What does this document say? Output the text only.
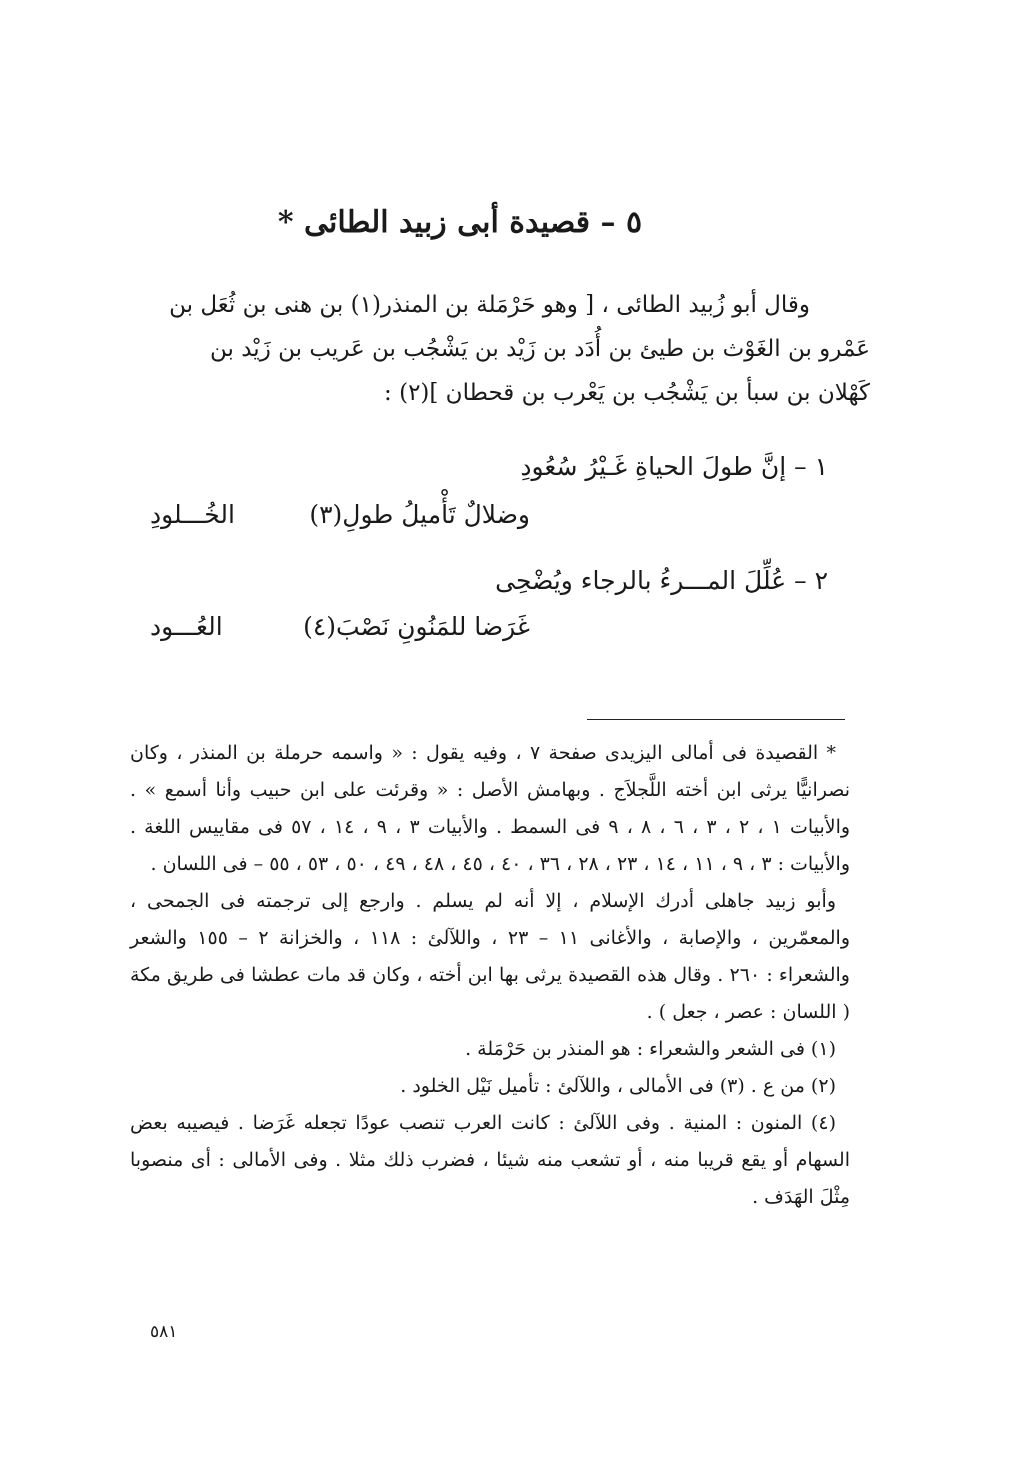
٥ – قصيدة أبى زبيد الطائى *
وقال أبو زُبيد الطائى ، [ وهو حَرْمَلة بن المنذر(١) بن هنى بن ثُعَل بن
عَمْرو بن الغَوْث بن طيئ بن أُدَد بن زَيْد بن يَشْجُب بن عَريب بن زَيْد بن
كَهْلان بن سبأ بن يَشْجُب بن يَعْرب بن قحطان ](٢) :
١ – إنَّ طولَ الحياةِ غَـيْرُ سُعُودِ
وضلالٌ تَأْميلُ طولِ(٣)
الخُـــلودِ
٢ – عُلِّلَ المـــرءُ بالرجاء ويُضْحِى
غَرَضا للمَنُونِ نَصْبَ(٤)
العُـــود

* القصيدة فى أمالى اليزيدى صفحة ٧ ، وفيه يقول : « واسمه حرملة بن المنذر ، وكان نصرانيًّا يرثى ابن أخته اللَّجلاَج . وبهامش الأصل : « وقرئت على ابن حبيب وأنا أسمع » . والأبيات ١ ، ٢ ، ٣ ، ٦ ، ٨ ، ٩ فى السمط . والأبيات ٣ ، ٩ ، ١٤ ، ٥٧ فى مقاييس اللغة . والأبيات : ٣ ، ٩ ، ١١ ، ١٤ ، ٢٣ ، ٢٨ ، ٣٦ ، ٤٠ ، ٤٥ ، ٤٨ ، ٤٩ ، ٥٠ ، ٥٣ ، ٥٥ – فى اللسان .

وأبو زبيد جاهلى أدرك الإسلام ، إلا أنه لم يسلم . وارجع إلى ترجمته فى الجمحى ، والمعمّرين ، والإصابة ، والأغانى ١١ – ٢٣ ، واللآلئ : ١١٨ ، والخزانة ٢ – ١٥٥ والشعر والشعراء : ٢٦٠ . وقال هذه القصيدة يرثى بها ابن أخته ، وكان قد مات عطشا فى طريق مكة ( اللسان : عصر ، جعل ) .

(١) فى الشعر والشعراء : هو المنذر بن حَرْمَلة .

(٢) من ع . (٣) فى الأمالى ، واللآلئ : تأميل نَيْل الخلود .

(٤) المنون : المنية . وفى اللآلئ : كانت العرب تنصب عودًا تجعله غَرَضا . فيصيبه بعض السهام أو يقع قريبا منه ، أو تشعب منه شيئا ، فضرب ذلك مثلا . وفى الأمالى : أى منصوبا مِثْلَ الهَدَف .

٥٨١
